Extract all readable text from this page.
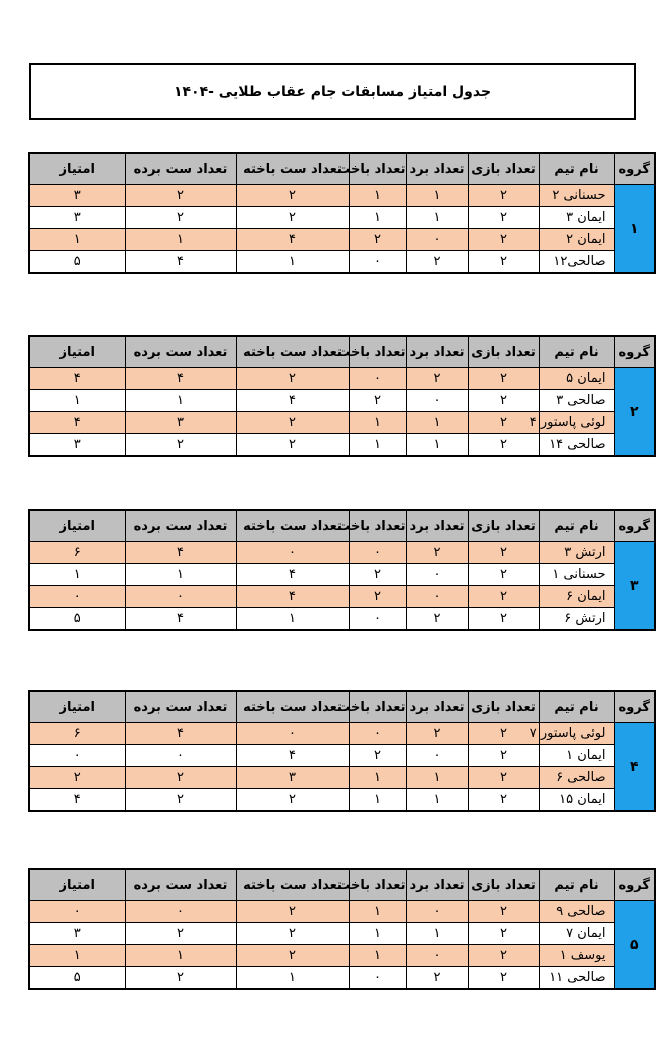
جدول امتیاز مسابقات جام عقاب طلایی -۱۴۰۴
گروه	نام تیم	تعداد بازی	تعداد برد	تعداد باخت	تعداد ست باخته	تعداد ست برده	امتیاز
۱	حسنانی ۲	۲	۱	۱	۲	۲	۳
	ایمان ۳	۲	۱	۱	۲	۲	۳
	ایمان ۲	۲	۰	۲	۴	۱	۱
	صالحی۱۲	۲	۲	۰	۱	۴	۵
گروه	نام تیم	تعداد بازی	تعداد برد	تعداد باخت	تعداد ست باخته	تعداد ست برده	امتیاز
۲	ایمان ۵	۲	۲	۰	۲	۴	۴
	صالحی ۳	۲	۰	۲	۴	۱	۱
	لوئی پاستور ۴	۲	۱	۱	۲	۳	۴
	صالحی ۱۴	۲	۱	۱	۲	۲	۳
گروه	نام تیم	تعداد بازی	تعداد برد	تعداد باخت	تعداد ست باخته	تعداد ست برده	امتیاز
۳	ارتش ۳	۲	۲	۰	۰	۴	۶
	حسنانی ۱	۲	۰	۲	۴	۱	۱
	ایمان ۶	۲	۰	۲	۴	۰	۰
	ارتش ۶	۲	۲	۰	۱	۴	۵
گروه	نام تیم	تعداد بازی	تعداد برد	تعداد باخت	تعداد ست باخته	تعداد ست برده	امتیاز
۴	لوئی پاستور ۷	۲	۲	۰	۰	۴	۶
	ایمان ۱	۲	۰	۲	۴	۰	۰
	صالحی ۶	۲	۱	۱	۳	۲	۲
	ایمان ۱۵	۲	۱	۱	۲	۲	۴
گروه	نام تیم	تعداد بازی	تعداد برد	تعداد باخت	تعداد ست باخته	تعداد ست برده	امتیاز
۵	صالحی ۹	۲	۰	۱	۲	۰	۰
	ایمان ۷	۲	۱	۱	۲	۲	۳
	یوسف ۱	۲	۰	۱	۲	۱	۱
	صالحی ۱۱	۲	۲	۰	۱	۲	۵
